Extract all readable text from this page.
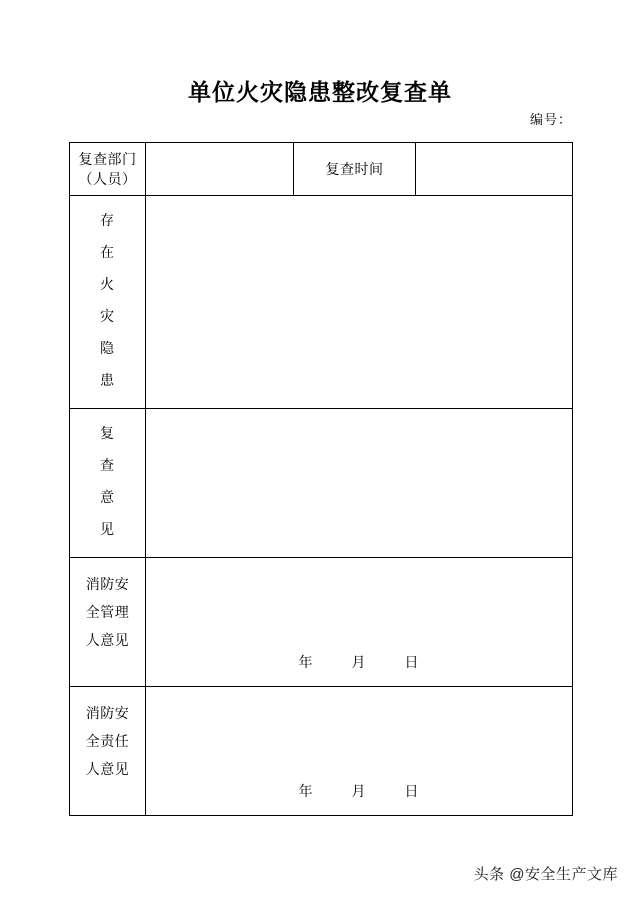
单位火灾隐患整改复查单
编号：
复查部门（人员）		复查时间	

存
在
火
灾
隐
患

复
查
意
见			

消防安
全管理
人意见	年 月 日		

消防安
全责任
人意见	年 月 日		
头条 @安全生产文库
